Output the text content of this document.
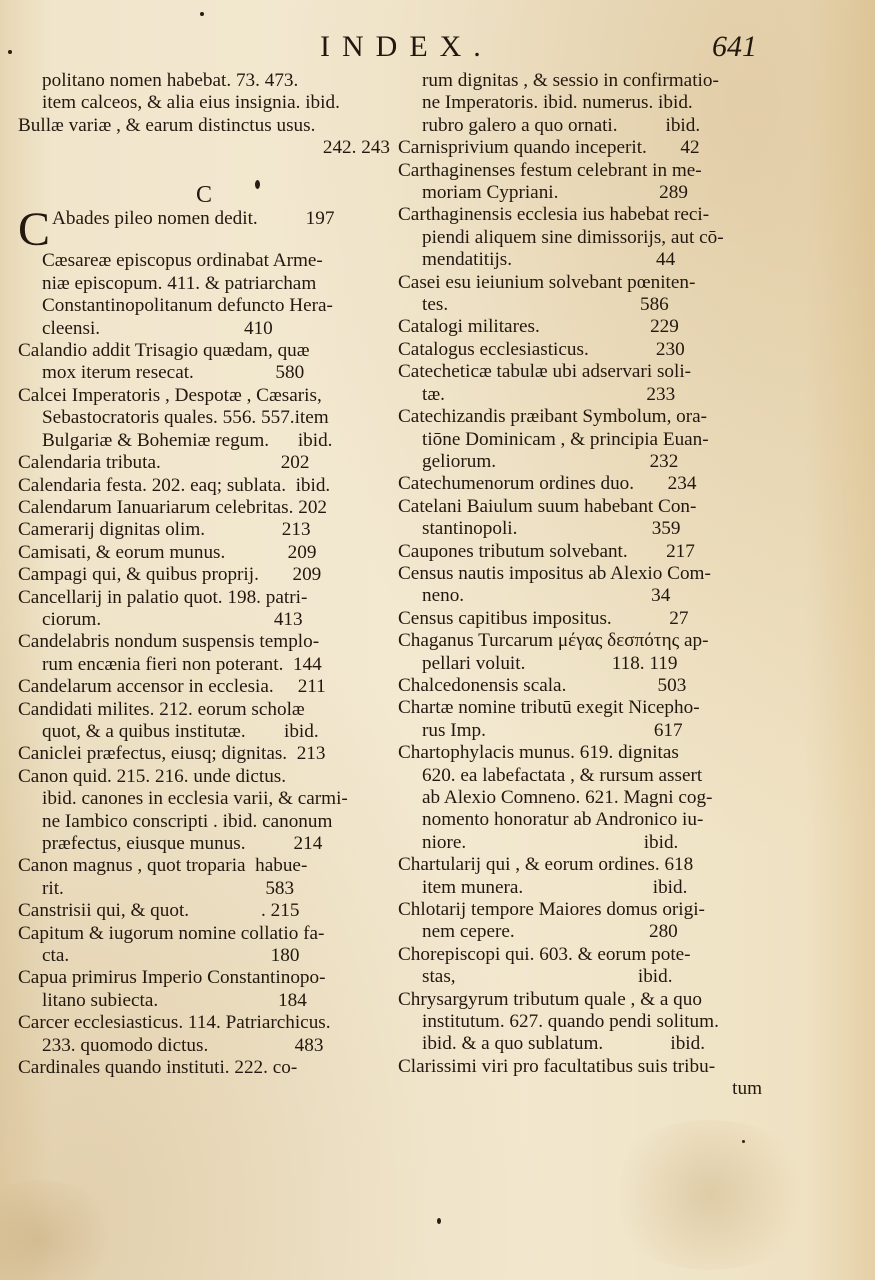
INDEX.	641
politano nomen habebat. 73. 473.
item calceos, & alia eius insignia. ibid.
Bullæ variæ , & earum distinctus usus.
242. 243

C
C Abades pileo nomen dedit.          197
Cæsareæ episcopus ordinabat Arme-
niæ episcopum. 411. & patriarcham
Constantinopolitanum defuncto Hera-
cleensi.                              410
Calandio addit Trisagio quædam, quæ
mox iterum resecat.                 580
Calcei Imperatoris , Despotæ , Cæsaris,
Sebastocratoris quales. 556. 557.item
Bulgariæ & Bohemiæ regum.      ibid.
Calendaria tributa.                         202
Calendaria festa. 202. eaq; sublata.  ibid.
Calendarum Ianuariarum celebritas. 202
Camerarij dignitas olim.                213
Camisati, & eorum munus.             209
Campagi qui, & quibus proprij.       209
Cancellarij in palatio quot. 198. patri-
ciorum.                                    413
Candelabris nondum suspensis templo-
rum encænia fieri non poterant.  144
Candelarum accensor in ecclesia.     211
Candidati milites. 212. eorum scholæ
quot, & a quibus institutæ.        ibid.
Caniclei præfectus, eiusq; dignitas.  213
Canon quid. 215. 216. unde dictus.
ibid. canones in ecclesia varii, & carmi-
ne Iambico conscripti . ibid. canonum
præfectus, eiusque munus.          214
Canon magnus , quot troparia  habue-
rit.                                          583
Canstrisii qui, & quot.               . 215
Capitum & iugorum nomine collatio fa-
cta.                                          180
Capua primirus Imperio Constantinopo-
litano subiecta.                         184
Carcer ecclesiasticus. 114. Patriarchicus.
233. quomodo dictus.                  483
Cardinales quando instituti. 222. co-
rum dignitas , & sessio in confirmatio-
ne Imperatoris. ibid. numerus. ibid.
rubro galero a quo ornati.          ibid.
Carnisprivium quando inceperit.       42
Carthaginenses festum celebrant in me-
moriam Cypriani.                     289
Carthaginensis ecclesia ius habebat reci-
piendi aliquem sine dimissorijs, aut cō-
mendatitijs.                              44
Casei esu ieiunium solvebant pœniten-
tes.                                        586
Catalogi militares.                       229
Catalogus ecclesiasticus.              230
Catecheticæ tabulæ ubi adservari soli-
tæ.                                          233
Catechizandis præibant Symbolum, ora-
tiōne Dominicam , & principia Euan-
geliorum.                                232
Catechumenorum ordines duo.       234
Catelani Baiulum suum habebant Con-
stantinopoli.                            359
Caupones tributum solvebant.        217
Census nautis impositus ab Alexio Com-
neno.                                       34
Census capitibus impositus.            27
Chaganus Turcarum μέγας δεσπότης ap-
pellari voluit.                  118. 119
Chalcedonensis scala.                   503
Chartæ nomine tributū exegit Nicepho-
rus Imp.                                   617
Chartophylacis munus. 619. dignitas
620. ea labefactata , & rursum assert
ab Alexio Comneno. 621. Magni cog-
nomento honoratur ab Andronico iu-
niore.                                     ibid.
Chartularij qui , & eorum ordines. 618
item munera.                           ibid.
Chlotarij tempore Maiores domus origi-
nem cepere.                            280
Chorepiscopi qui. 603. & eorum pote-
stas,                                      ibid.
Chrysargyrum tributum quale , & a quo
institutum. 627. quando pendi solitum.
ibid. & a quo sublatum.              ibid.
Clarissimi viri pro facultatibus suis tribu-
tum
